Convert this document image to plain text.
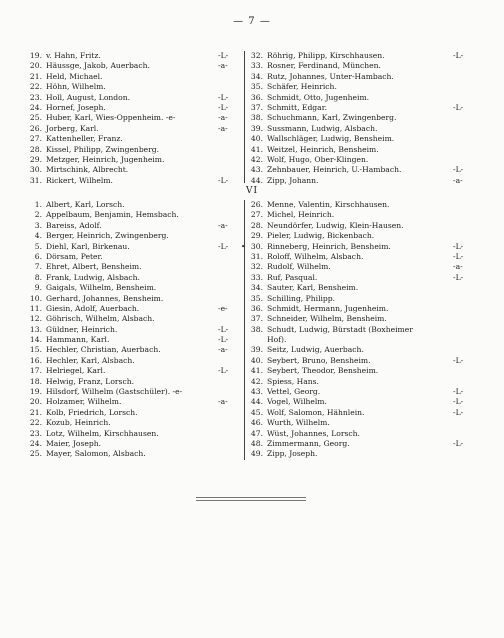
— 7 —
19. v. Hahn, Fritz.	-L-
20. Häussge, Jakob, Auerbach.	-a-
21. Held, Michael.
22. Höhn, Wilhelm.
23. Holl, August, London.	-L-
24. Hornef, Joseph.	-L-
25. Huber, Karl, Wies-Oppenheim. -e-	-a-
26. Jorberg, Karl.	-a-
27. Kattenheller, Franz.
28. Kissel, Philipp, Zwingenberg.
29. Metzger, Heinrich, Jugenheim.
30. Mirtschink, Albrecht.
31. Rickert, Wilhelm.	-L-
32. Röhrig, Philipp, Kirschhausen.	-L-
33. Rosner, Ferdinand, München.
34. Rutz, Johannes, Unter-Hambach.
35. Schäfer, Heinrich.
36. Schmidt, Otto, Jugenheim.
37. Schmitt, Edgar.	-L-
38. Schuchmann, Karl, Zwingenberg.
39. Sussmann, Ludwig, Alsbach.
40. Wallschläger, Ludwig, Bensheim.
41. Weitzel, Heinrich, Bensheim.
42. Wolf, Hugo, Ober-Klingen.
43. Zehnbauer, Heinrich, U.-Hambach.	-L-
44. Zipp, Johann.	-a-
VI
1. Albert, Karl, Lorsch.
2. Appelbaum, Benjamin, Hemsbach.
3. Bareiss, Adolf.	-a-
4. Berger, Heinrich, Zwingenberg.
5. Diehl, Karl, Birkenau.	-L-
6. Dörsam, Peter.
7. Ehret, Albert, Bensheim.
8. Frank, Ludwig, Alsbach.
9. Gaigals, Wilhelm, Bensheim.
10. Gerhard, Johannes, Bensheim.
11. Giesin, Adolf, Auerbach.	-e-
12. Göhrisch, Wilhelm, Alsbach.
13. Güldner, Heinrich.	-L-
14. Hammann, Karl.	-L-
15. Hechler, Christian, Auerbach.	-a-
16. Hechler, Karl, Alsbach.
17. Helriegel, Karl.	-L-
18. Helwig, Franz, Lorsch.
19. Hilsdorf, Wilhelm (Gastschüler). -e-
20. Holzamer, Wilhelm.	-a-
21. Kolb, Friedrich, Lorsch.
22. Kozub, Heinrich.
23. Lotz, Wilhelm, Kirschhausen.
24. Maier, Joseph.
25. Mayer, Salomon, Alsbach.
26. Menne, Valentin, Kirschhausen.
27. Michel, Heinrich.
28. Neundörfer, Ludwig, Klein-Hausen.
29. Pieler, Ludwig, Bickenbach.
• 30. Rinneberg, Heinrich, Bensheim.	-L-
31. Roloff, Wilhelm, Alsbach.	-L-
32. Rudolf, Wilhelm.	-a-
33. Ruf, Pasqual.	-L-
34. Sauter, Karl, Bensheim.
35. Schilling, Philipp.
36. Schmidt, Hermann, Jugenheim.
37. Schneider, Wilhelm, Bensheim.
38. Schudt, Ludwig, Bürstadt (Boxheimer
Hof).
39. Seitz, Ludwig, Auerbach.
40. Seybert, Bruno, Bensheim.	-L-
41. Seybert, Theodor, Bensheim.
42. Spiess, Hans.
43. Vettel, Georg.	-L-
44. Vogel, Wilhelm.	-L-
45. Wolf, Salomon, Hähnlein.	-L-
46. Wurth, Wilhelm.
47. Wüst, Johannes, Lorsch.
48. Zimmermann, Georg.	-L-
49. Zipp, Joseph.
